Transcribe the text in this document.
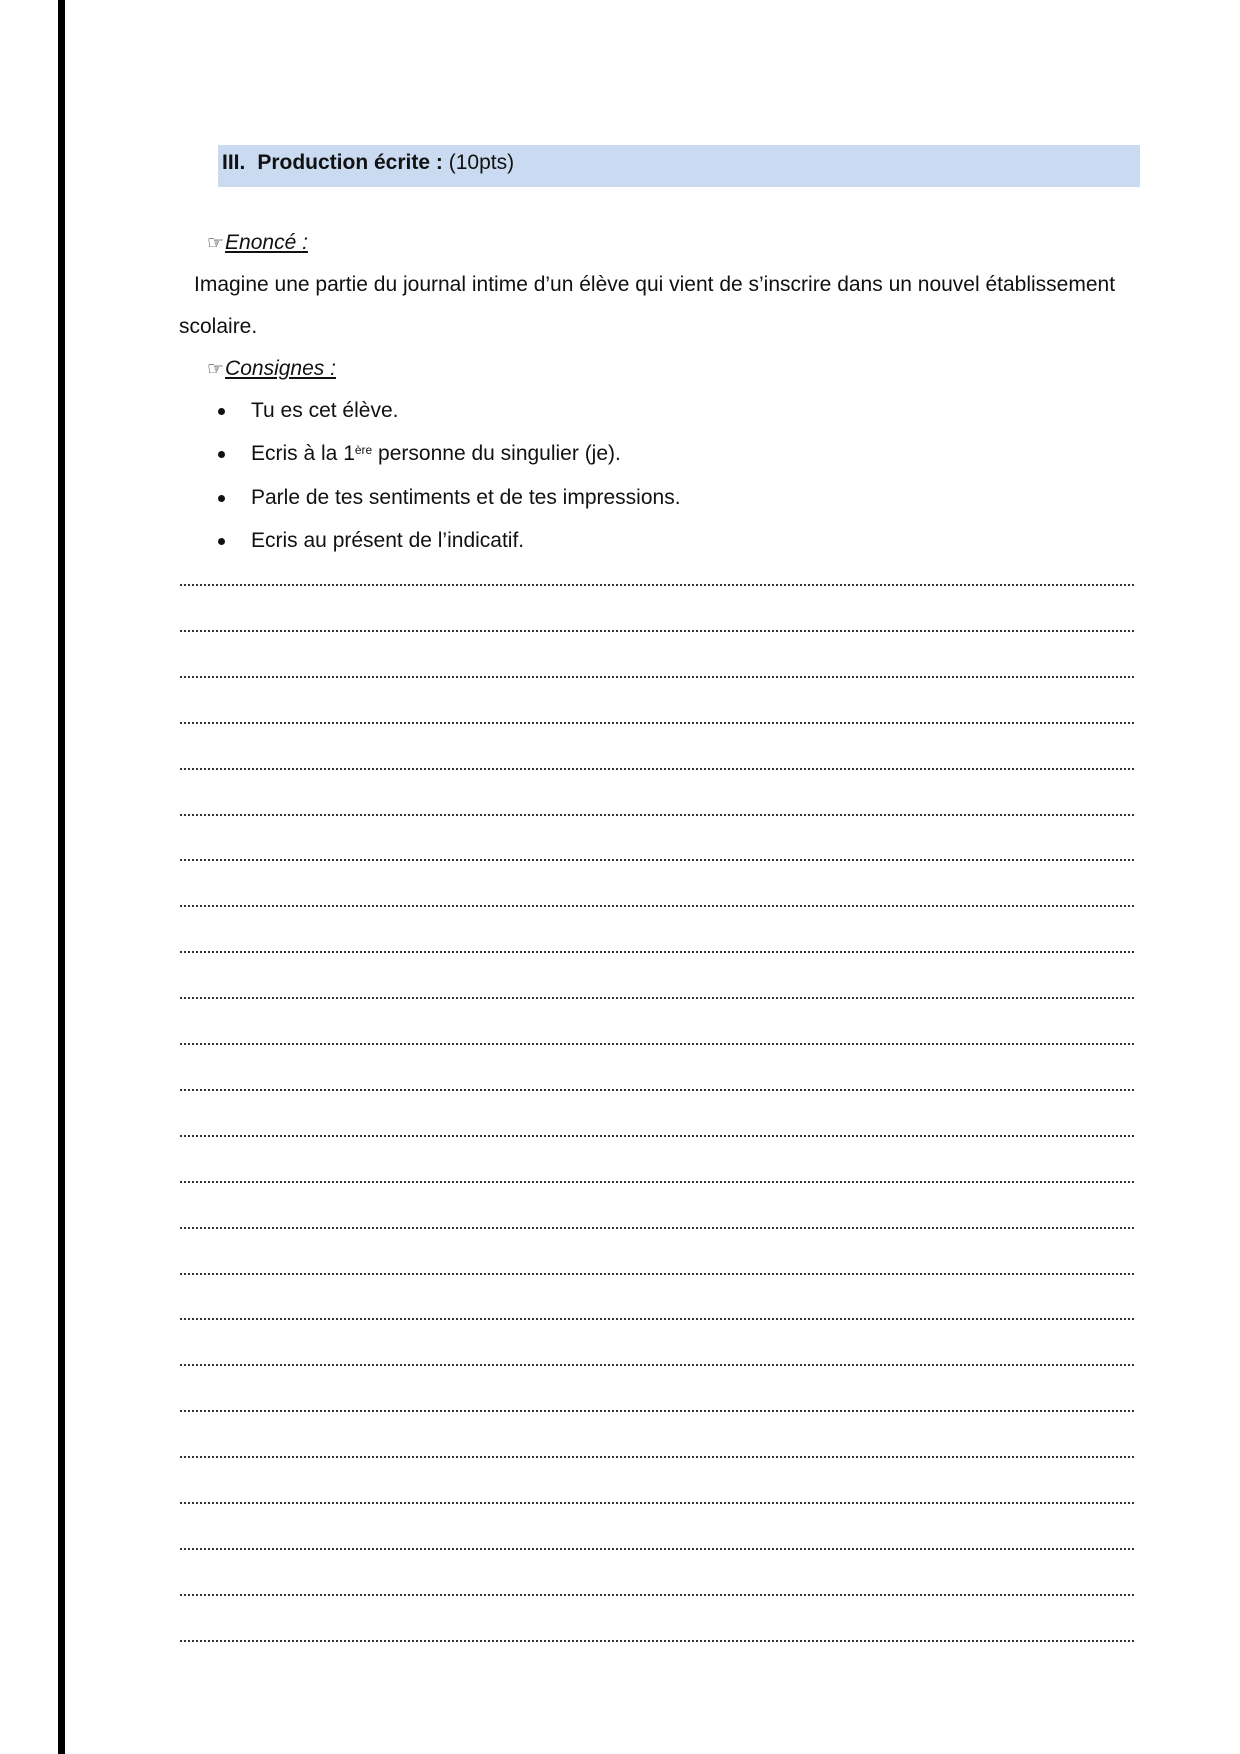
III. Production écrite : (10pts)
☞Enoncé :
Imagine une partie du journal intime d’un élève qui vient de s’inscrire dans un nouvel établissement
scolaire.
☞Consignes :
Tu es cet élève.
Ecris à la 1ère personne du singulier (je).
Parle de tes sentiments et de tes impressions.
Ecris au présent de l’indicatif.
